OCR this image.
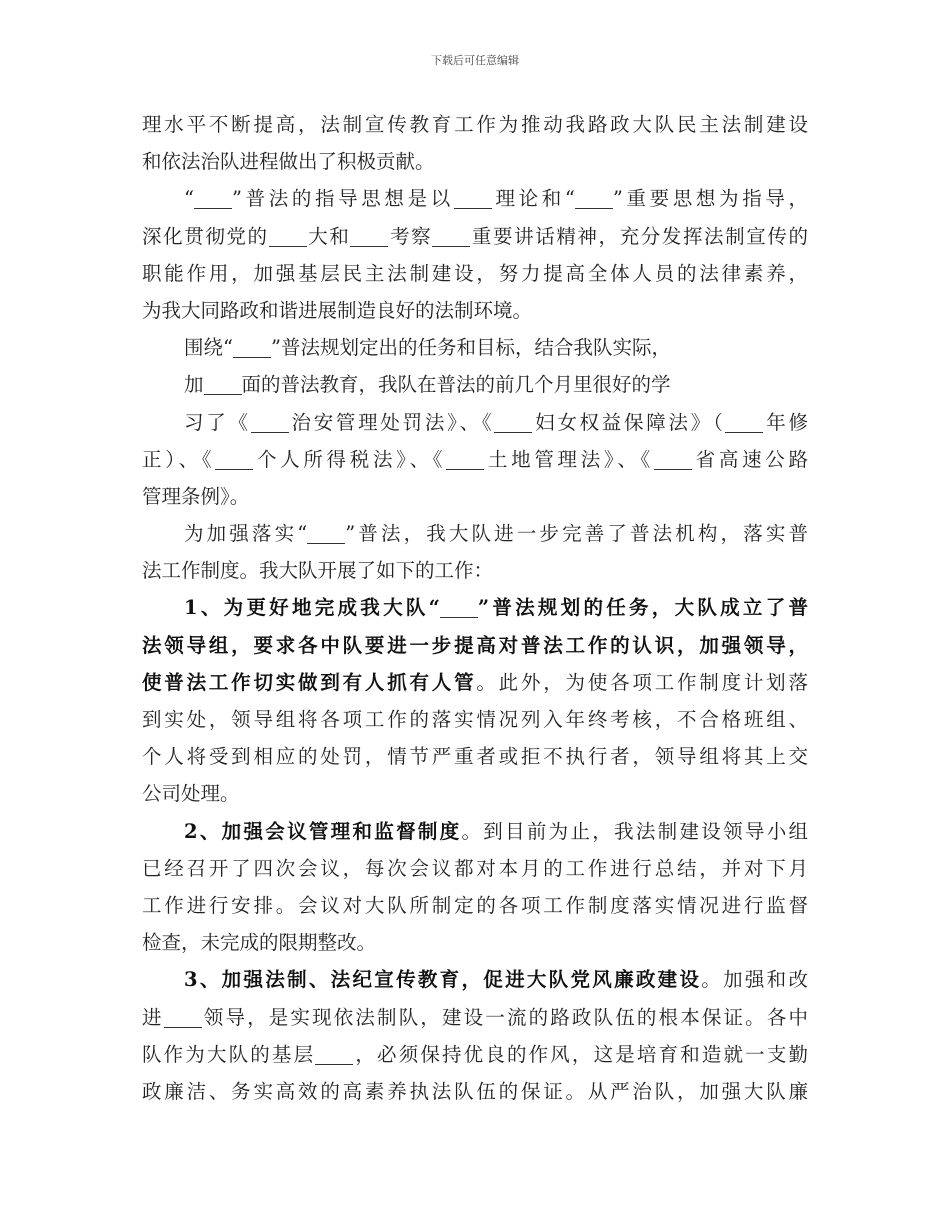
下载后可任意编辑
理水平不断提高，法制宣传教育工作为推动我路政大队民主法制建设
和依法治队进程做出了积极贡献。
“ ”普法的指导思想是以 理论和“ ”重要思想为指导，
深化贯彻党的 大和 考察 重要讲话精神，充分发挥法制宣传的
职能作用，加强基层民主法制建设，努力提高全体人员的法律素养，
为我大同路政和谐进展制造良好的法制环境。
围绕“ ”普法规划定出的任务和目标，结合我队实际，
加 面的普法教育，我队在普法的前几个月里很好的学
习了《 治安管理处罚法》、《 妇女权益保障法》（ 年修
正）、《 个人所得税法》、《 土地管理法》、《 省高速公路
管理条例》。
为加强落实“ ”普法，我大队进一步完善了普法机构，落实普
法工作制度。我大队开展了如下的工作：
1、为更好地完成我大队“ ”普法规划的任务，大队成立了普
法领导组，要求各中队要进一步提高对普法工作的认识，加强领导，
使普法工作切实做到有人抓有人管。此外，为使各项工作制度计划落
到实处，领导组将各项工作的落实情况列入年终考核，不合格班组、
个人将受到相应的处罚，情节严重者或拒不执行者，领导组将其上交
公司处理。
2、加强会议管理和监督制度。到目前为止，我法制建设领导小组
已经召开了四次会议，每次会议都对本月的工作进行总结，并对下月
工作进行安排。会议对大队所制定的各项工作制度落实情况进行监督
检查，未完成的限期整改。
3、加强法制、法纪宣传教育，促进大队党风廉政建设。加强和改
进 领导，是实现依法制队，建设一流的路政队伍的根本保证。各中
队作为大队的基层 ，必须保持优良的作风，这是培育和造就一支勤
政廉洁、务实高效的高素养执法队伍的保证。从严治队，加强大队廉
